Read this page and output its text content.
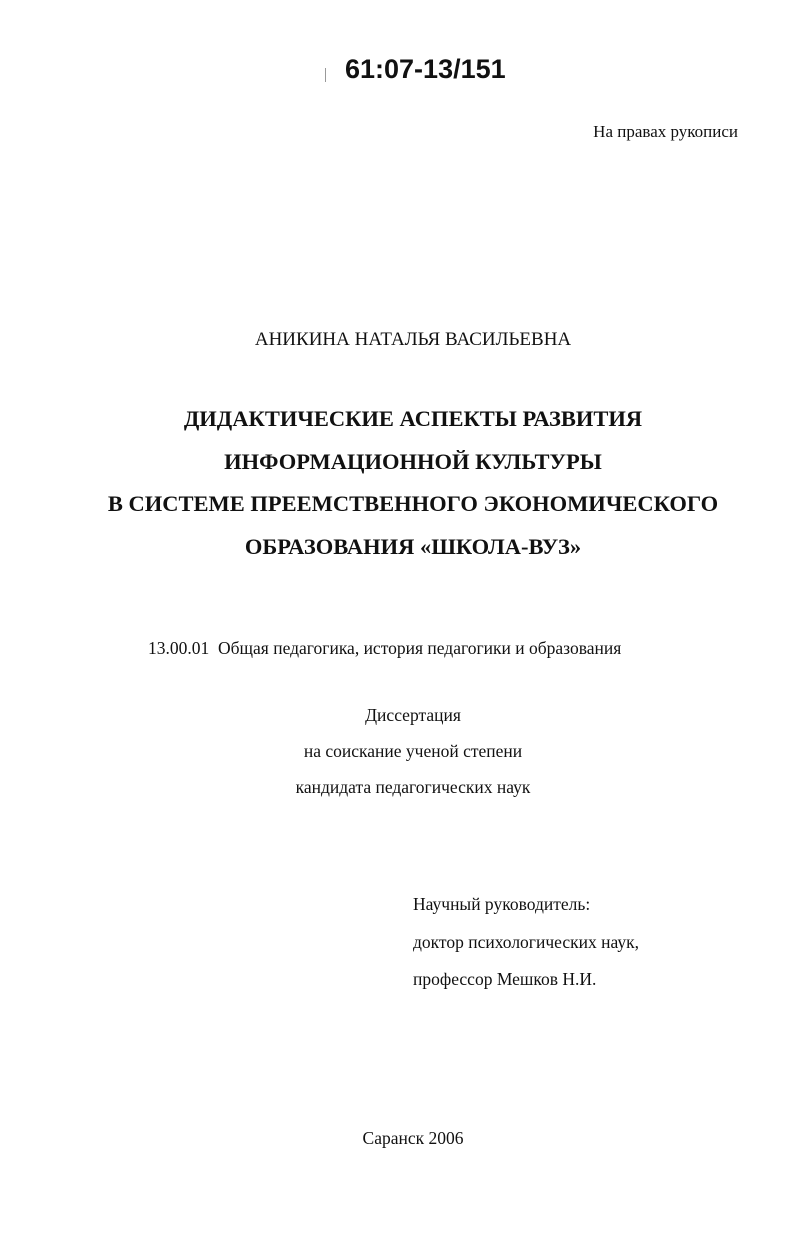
61:07-13/151
На правах рукописи
АНИКИНА НАТАЛЬЯ ВАСИЛЬЕВНА
ДИДАКТИЧЕСКИЕ АСПЕКТЫ РАЗВИТИЯ
ИНФОРМАЦИОННОЙ КУЛЬТУРЫ
В СИСТЕМЕ ПРЕЕМСТВЕННОГО ЭКОНОМИЧЕСКОГО
ОБРАЗОВАНИЯ «ШКОЛА-ВУЗ»
13.00.01  Общая педагогика, история педагогики и образования
Диссертация
на соискание ученой степени
кандидата педагогических наук
Научный руководитель:
доктор психологических наук,
профессор Мешков Н.И.
Саранск 2006
